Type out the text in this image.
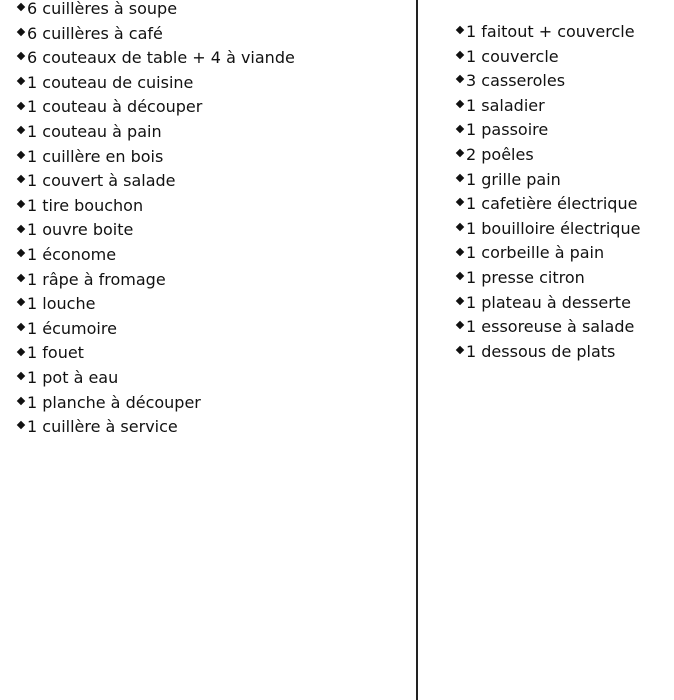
6 cuillères à soupe
6 cuillères à café
6 couteaux de table + 4 à viande
1 couteau de cuisine
1 couteau à découper
1 couteau à pain
1 cuillère en bois
1 couvert à salade
1 tire bouchon
1 ouvre boite
1 économe
1 râpe à fromage
1 louche
1 écumoire
1 fouet
1 pot à eau
1 planche à découper
1 cuillère à service
1 faitout + couvercle
1 couvercle
3 casseroles
1 saladier
1 passoire
2 poêles
1 grille pain
1 cafetière électrique
1 bouilloire électrique
1 corbeille à pain
1 presse citron
1 plateau à desserte
1 essoreuse à salade
1 dessous de plats
